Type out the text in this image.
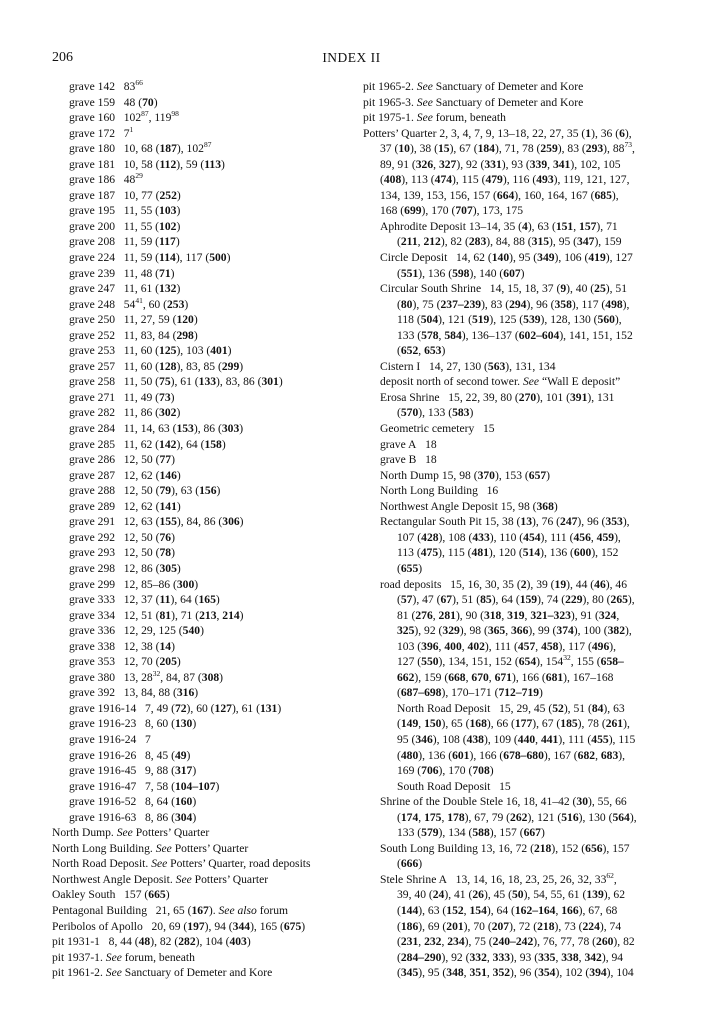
206	INDEX II
grave 142   $83^{66}$
grave 159   48 (70)
grave 160   $102^{87}$, $119^{98}$
grave 172   $7^1$
grave 180   10, 68 (187), $102^{87}$
grave 181   10, 58 (112), 59 (113)
grave 186   $48^{29}$
grave 187   10, 77 (252)
grave 195   11, 55 (103)
grave 200   11, 55 (102)
grave 208   11, 59 (117)
grave 224   11, 59 (114), 117 (500)
grave 239   11, 48 (71)
grave 247   11, 61 (132)
grave 248   $54^{41}$, 60 (253)
grave 250   11, 27, 59 (120)
grave 252   11, 83, 84 (298)
grave 253   11, 60 (125), 103 (401)
grave 257   11, 60 (128), 83, 85 (299)
grave 258   11, 50 (75), 61 (133), 83, 86 (301)
grave 271   11, 49 (73)
grave 282   11, 86 (302)
grave 284   11, 14, 63 (153), 86 (303)
grave 285   11, 62 (142), 64 (158)
grave 286   12, 50 (77)
grave 287   12, 62 (146)
grave 288   12, 50 (79), 63 (156)
grave 289   12, 62 (141)
grave 291   12, 63 (155), 84, 86 (306)
grave 292   12, 50 (76)
grave 293   12, 50 (78)
grave 298   12, 86 (305)
grave 299   12, 85–86 (300)
grave 333   12, 37 (11), 64 (165)
grave 334   12, 51 (81), 71 (213, 214)
grave 336   12, 29, 125 (540)
grave 338   12, 38 (14)
grave 353   12, 70 (205)
grave 380   13, $28^{32}$, 84, 87 (308)
grave 392   13, 84, 88 (316)
grave 1916-14   7, 49 (72), 60 (127), 61 (131)
grave 1916-23   8, 60 (130)
grave 1916-24   7
grave 1916-26   8, 45 (49)
grave 1916-45   9, 88 (317)
grave 1916-47   7, 58 (104–107)
grave 1916-52   8, 64 (160)
grave 1916-63   8, 86 (304)
North Dump. See Potters’ Quarter
North Long Building. See Potters’ Quarter
North Road Deposit. See Potters’ Quarter, road deposits
Northwest Angle Deposit. See Potters’ Quarter
Oakley South   157 (665)
Pentagonal Building   21, 65 (167). See also forum
Peribolos of Apollo   20, 69 (197), 94 (344), 165 (675)
pit 1931-1   8, 44 (48), 82 (282), 104 (403)
pit 1937-1. See forum, beneath
pit 1961-2. See Sanctuary of Demeter and Kore
pit 1965-2. See Sanctuary of Demeter and Kore
pit 1965-3. See Sanctuary of Demeter and Kore
pit 1975-1. See forum, beneath
Potters’ Quarter 2, 3, 4, 7, 9, 13–18, 22, 27, 35 (1), 36 (6),
37 (10), 38 (15), 67 (184), 71, 78 (259), 83 (293), $88^{73}$,
89, 91 (326, 327), 92 (331), 93 (339, 341), 102, 105
(408), 113 (474), 115 (479), 116 (493), 119, 121, 127,
134, 139, 153, 156, 157 (664), 160, 164, 167 (685),
168 (699), 170 (707), 173, 175
Aphrodite Deposit 13–14, 35 (4), 63 (151, 157), 71
(211, 212), 82 (283), 84, 88 (315), 95 (347), 159
Circle Deposit   14, 62 (140), 95 (349), 106 (419), 127
(551), 136 (598), 140 (607)
Circular South Shrine   14, 15, 18, 37 (9), 40 (25), 51
(80), 75 (237–239), 83 (294), 96 (358), 117 (498),
118 (504), 121 (519), 125 (539), 128, 130 (560),
133 (578, 584), 136–137 (602–604), 141, 151, 152
(652, 653)
Cistern I   14, 27, 130 (563), 131, 134
deposit north of second tower. See “Wall E deposit”
Erosa Shrine   15, 22, 39, 80 (270), 101 (391), 131
(570), 133 (583)
Geometric cemetery   15
grave A   18
grave B   18
North Dump 15, 98 (370), 153 (657)
North Long Building   16
Northwest Angle Deposit 15, 98 (368)
Rectangular South Pit 15, 38 (13), 76 (247), 96 (353),
107 (428), 108 (433), 110 (454), 111 (456, 459),
113 (475), 115 (481), 120 (514), 136 (600), 152
(655)
road deposits   15, 16, 30, 35 (2), 39 (19), 44 (46), 46
(57), 47 (67), 51 (85), 64 (159), 74 (229), 80 (265),
81 (276, 281), 90 (318, 319, 321–323), 91 (324,
325), 92 (329), 98 (365, 366), 99 (374), 100 (382),
103 (396, 400, 402), 111 (457, 458), 117 (496),
127 (550), 134, 151, 152 (654), $154^{32}$, 155 (658–
662), 159 (668, 670, 671), 166 (681), 167–168
(687–698), 170–171 (712–719)
North Road Deposit   15, 29, 45 (52), 51 (84), 63
(149, 150), 65 (168), 66 (177), 67 (185), 78 (261),
95 (346), 108 (438), 109 (440, 441), 111 (455), 115
(480), 136 (601), 166 (678–680), 167 (682, 683),
169 (706), 170 (708)
South Road Deposit   15
Shrine of the Double Stele 16, 18, 41–42 (30), 55, 66
(174, 175, 178), 67, 79 (262), 121 (516), 130 (564),
133 (579), 134 (588), 157 (667)
South Long Building 13, 16, 72 (218), 152 (656), 157
(666)
Stele Shrine A   13, 14, 16, 18, 23, 25, 26, 32, $33^{62}$,
39, 40 (24), 41 (26), 45 (50), 54, 55, 61 (139), 62
(144), 63 (152, 154), 64 (162–164, 166), 67, 68
(186), 69 (201), 70 (207), 72 (218), 73 (224), 74
(231, 232, 234), 75 (240–242), 76, 77, 78 (260), 82
(284–290), 92 (332, 333), 93 (335, 338, 342), 94
(345), 95 (348, 351, 352), 96 (354), 102 (394), 104
